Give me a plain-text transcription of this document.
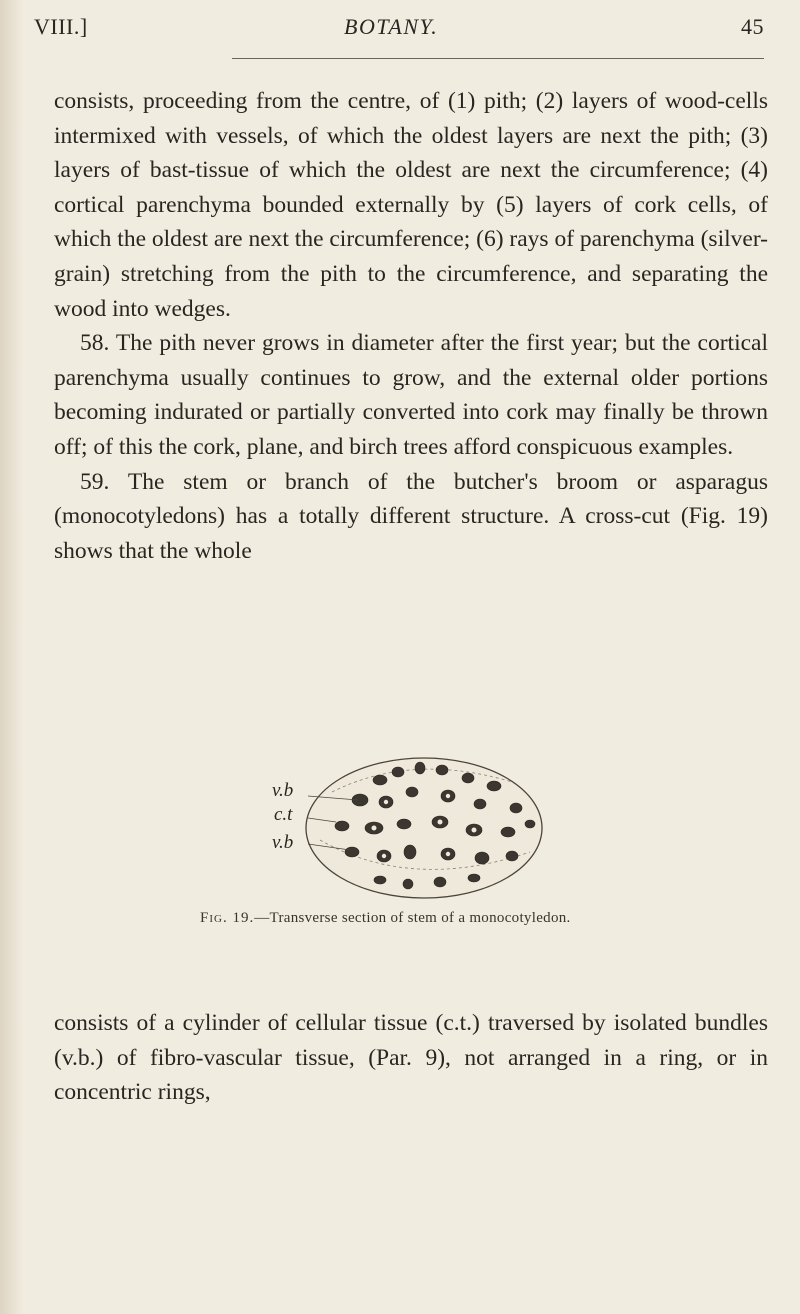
VIII.]	BOTANY.	45

consists, proceeding from the centre, of (1) pith; (2) layers of wood-cells intermixed with vessels, of which the oldest layers are next the pith; (3) layers of bast-tissue of which the oldest are next the circumference; (4) cortical parenchyma bounded externally by (5) layers of cork cells, of which the oldest are next the circumference; (6) rays of parenchyma (silver-grain) stretching from the pith to the circumference, and separating the wood into wedges.

58. The pith never grows in diameter after the first year; but the cortical parenchyma usually continues to grow, and the external older portions becoming indurated or partially converted into cork may finally be thrown off; of this the cork, plane, and birch trees afford conspicuous examples.

59. The stem or branch of the butcher's broom or asparagus (monocotyledons) has a totally different structure. A cross-cut (Fig. 19) shows that the whole

v.b
c.t
v.b
Fig. 19.—Transverse section of stem of a monocotyledon.

consists of a cylinder of cellular tissue (c.t.) traversed by isolated bundles (v.b.) of fibro-vascular tissue, (Par. 9), not arranged in a ring, or in concentric rings,
